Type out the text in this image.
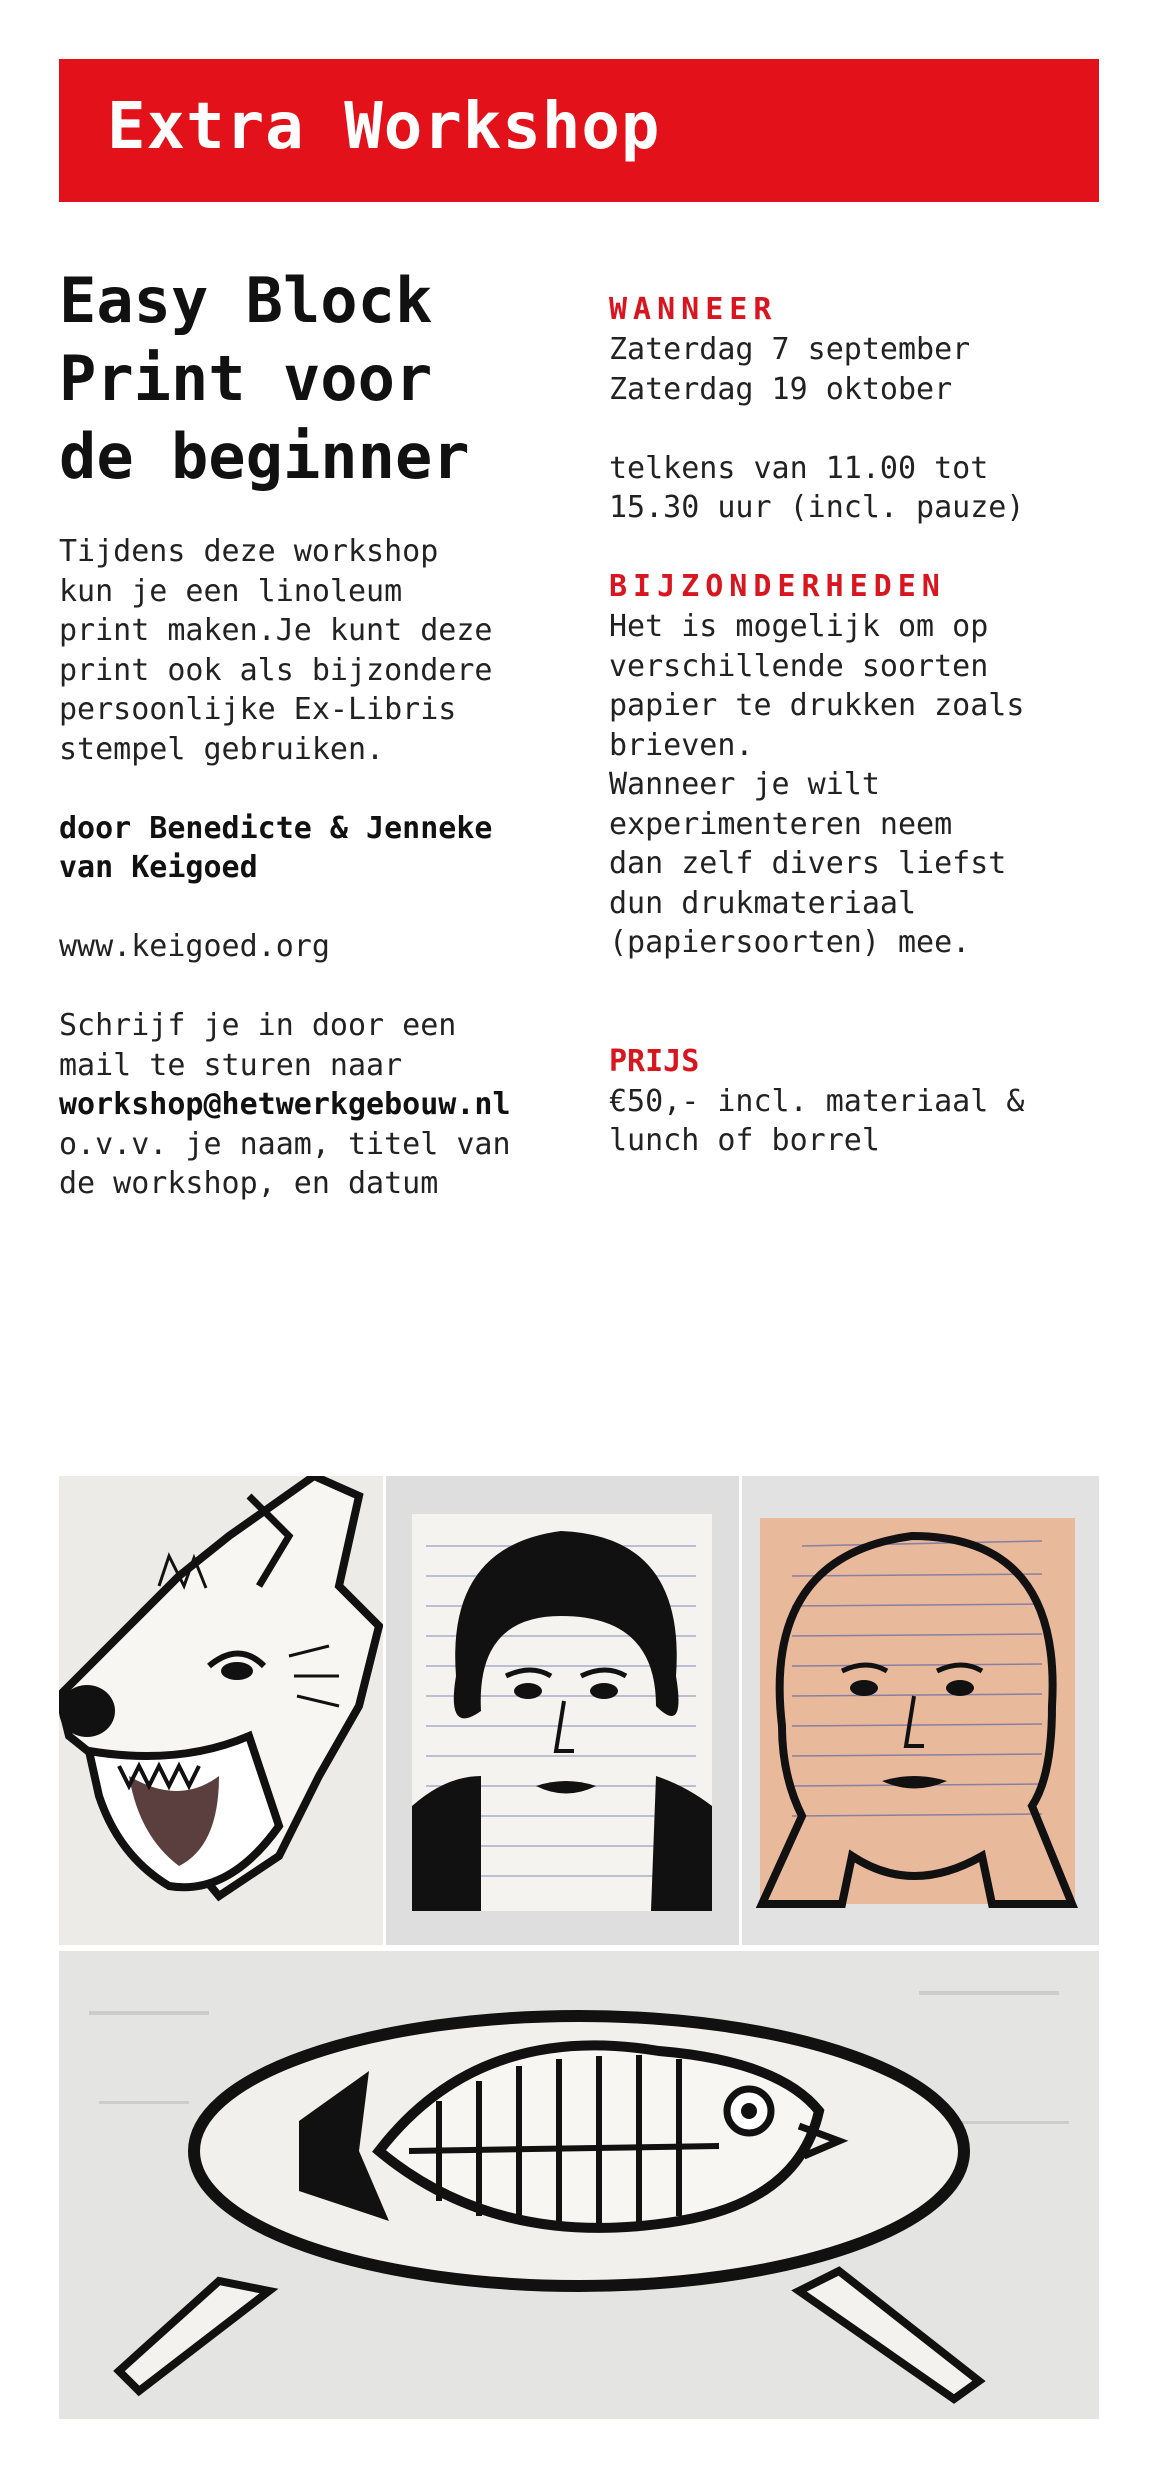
Extra Workshop
Easy Block
Print voor
de beginner
Tijdens deze workshop
kun je een linoleum
print maken.Je kunt deze
print ook als bijzondere
persoonlijke Ex-Libris
stempel gebruiken.
door Benedicte & Jenneke
van Keigoed
www.keigoed.org
Schrijf je in door een
mail te sturen naar
workshop@hetwerkgebouw.nl
o.v.v. je naam, titel van
de workshop, en datum
WANNEER
Zaterdag 7 september
Zaterdag 19 oktober
telkens van 11.00 tot
15.30 uur (incl. pauze)
BIJZONDERHEDEN
Het is mogelijk om op
verschillende soorten
papier te drukken zoals
brieven.
Wanneer je wilt
experimenteren neem
dan zelf divers liefst
dun drukmateriaal
(papiersoorten) mee.
PRIJS
€50,- incl. materiaal &
lunch of borrel
